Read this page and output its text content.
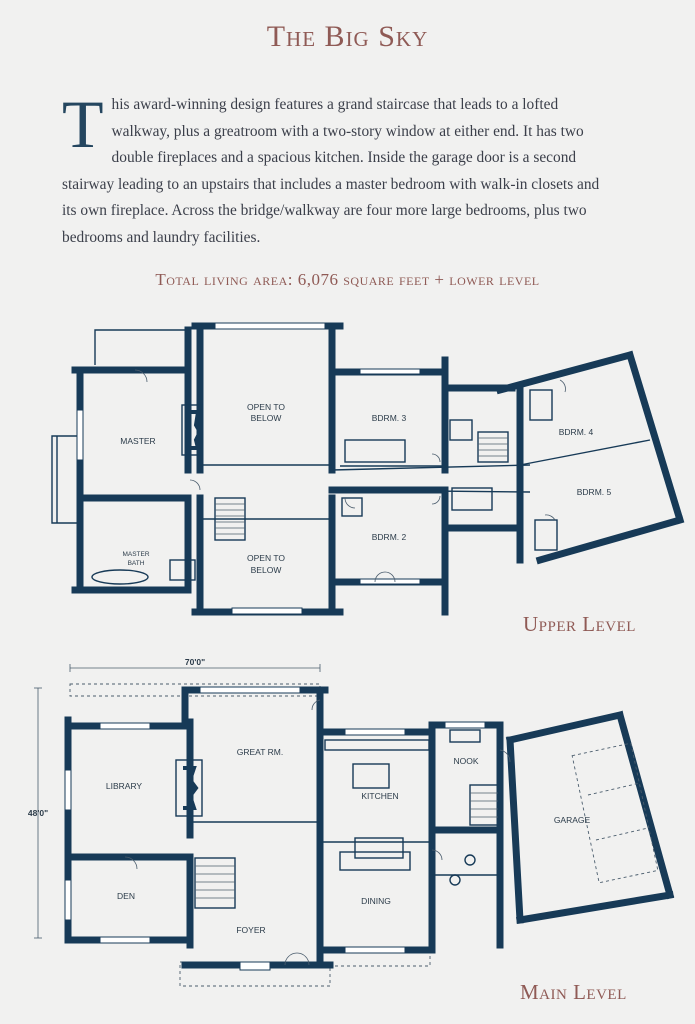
The Big Sky
This award-winning design features a grand staircase that leads to a lofted walkway, plus a greatroom with a two-story window at either end. It has two double fireplaces and a spacious kitchen. Inside the garage door is a second stairway leading to an upstairs that includes a master bedroom with walk-in closets and its own fireplace. Across the bridge/walkway are four more large bedrooms, plus two bedrooms and laundry facilities.
Total living area: 6,076 square feet + lower level
MASTER
OPEN TO
BELOW	BDRM. 3
BDRM. 4
BDRM. 5
BDRM. 2
MASTER
BATH
OPEN TO
BELOW
70'0"
48'0"
GREAT RM.
LIBRARY
KITCHEN
NOOK
GARAGE
DEN	DINING
FOYER
Upper Level
Main Level
